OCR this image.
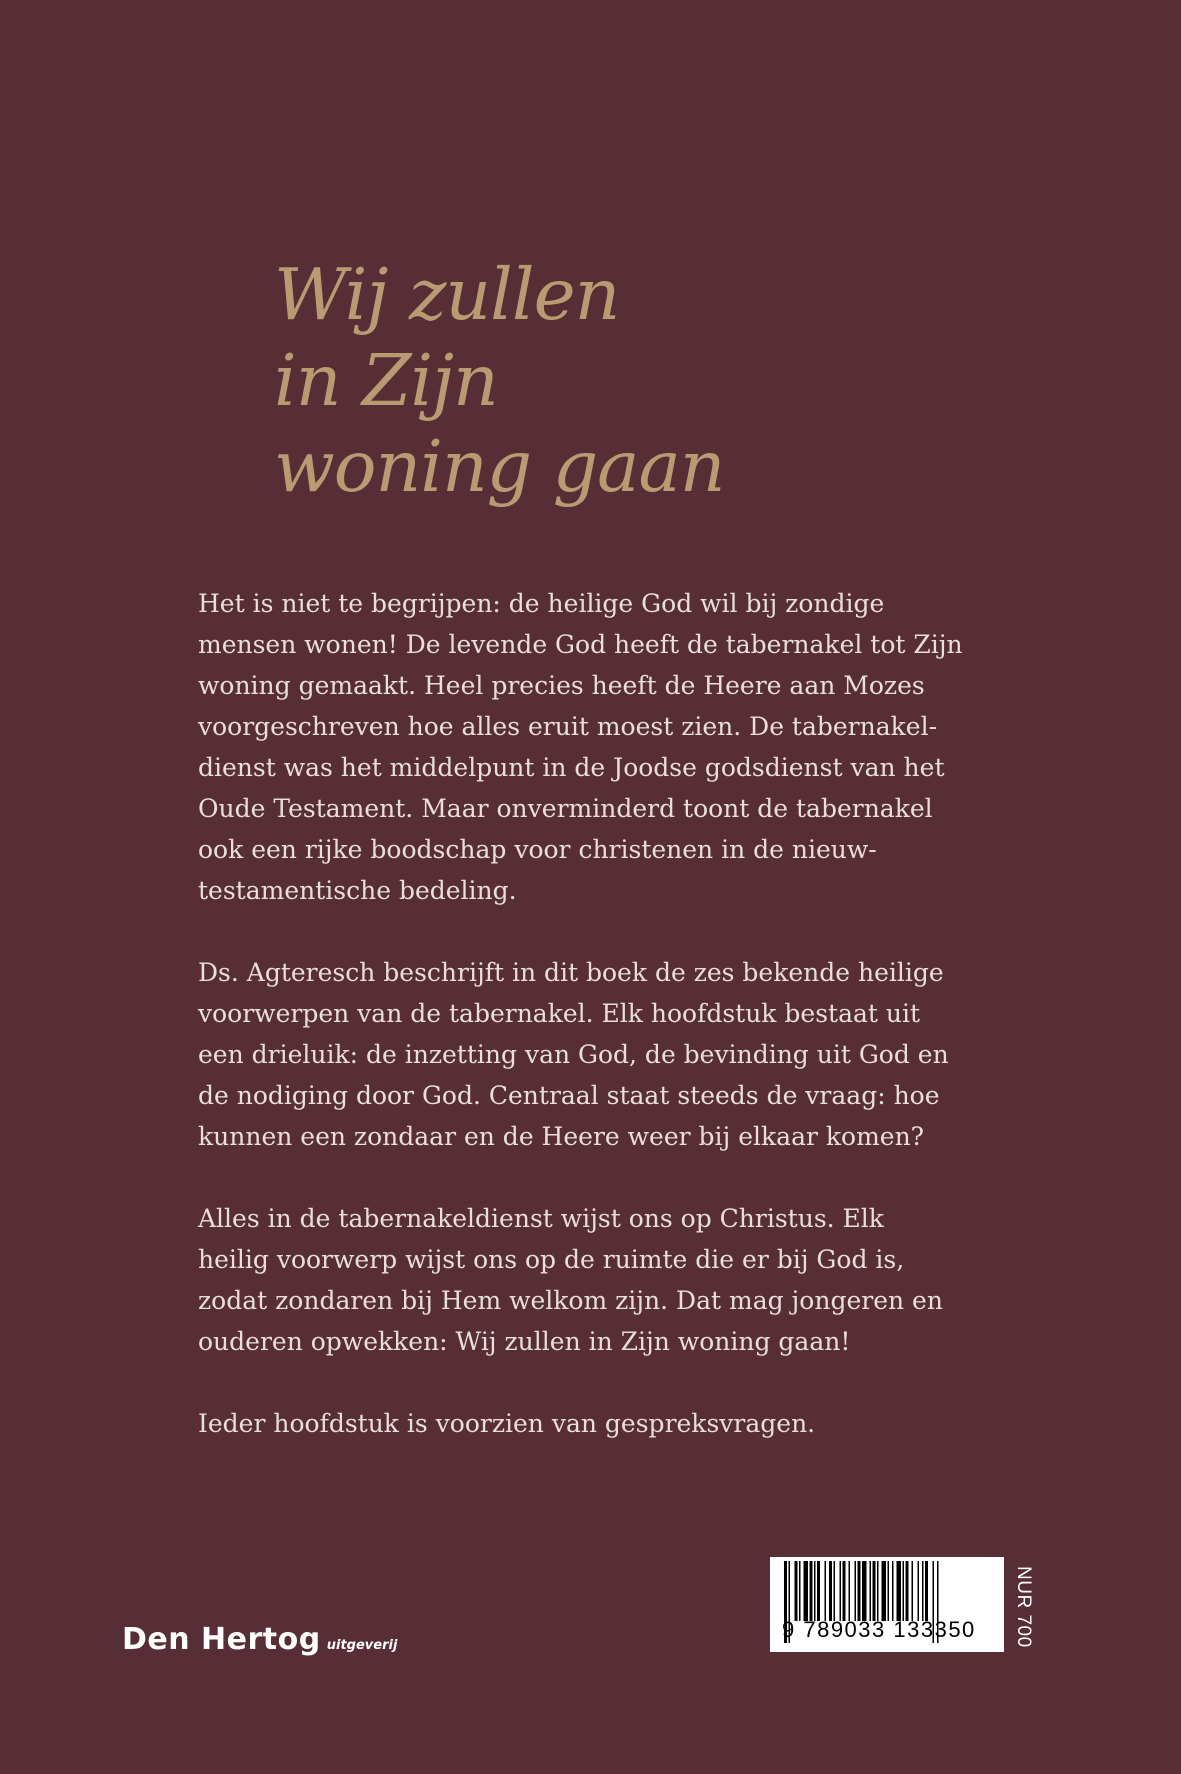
Wij zullen
in Zijn
woning gaan

Het is niet te begrijpen: de heilige God wil bij zondige
mensen wonen! De levende God heeft de tabernakel tot Zijn
woning gemaakt. Heel precies heeft de Heere aan Mozes
voorgeschreven hoe alles eruit moest zien. De tabernakel-
dienst was het middelpunt in de Joodse godsdienst van het
Oude Testament. Maar onverminderd toont de tabernakel
ook een rijke boodschap voor christenen in de nieuw-
testamentische bedeling.

Ds. Agteresch beschrijft in dit boek de zes bekende heilige
voorwerpen van de tabernakel. Elk hoofdstuk bestaat uit
een drieluik: de inzetting van God, de bevinding uit God en
de nodiging door God. Centraal staat steeds de vraag: hoe
kunnen een zondaar en de Heere weer bij elkaar komen?

Alles in de tabernakeldienst wijst ons op Christus. Elk
heilig voorwerp wijst ons op de ruimte die er bij God is,
zodat zondaren bij Hem welkom zijn. Dat mag jongeren en
ouderen opwekken: Wij zullen in Zijn woning gaan!

Ieder hoofdstuk is voorzien van gespreksvragen.

Den Hertog uitgeverij
9 789033 133350	NUR 700
